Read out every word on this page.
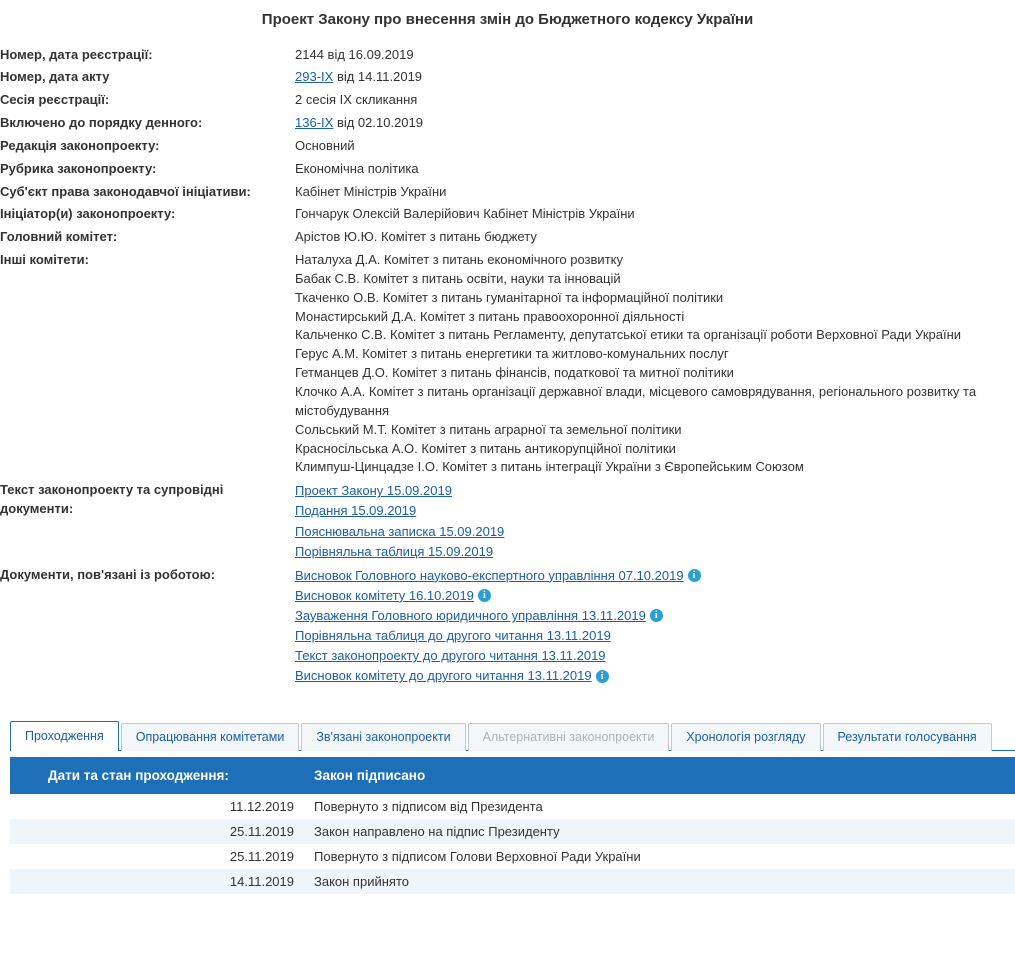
Проект Закону про внесення змін до Бюджетного кодексу України
Номер, дата реєстрації:	2144 від 16.09.2019
Номер, дата акту	293-IX від 14.11.2019
Сесія реєстрації:	2 сесія IX скликання
Включено до порядку денного:	136-IX від 02.10.2019
Редакція законопроекту:	Основний
Рубрика законопроекту:	Економічна політика
Суб'єкт права законодавчої ініціативи:	Кабінет Міністрів України
Ініціатор(и) законопроекту:	Гончарук Олексій Валерійович Кабінет Міністрів України
Головний комітет:	Арістов Ю.Ю. Комітет з питань бюджету
Інші комітети:	Наталуха Д.А. Комітет з питань економічного розвитку
Бабак С.В. Комітет з питань освіти, науки та інновацій
Ткаченко О.В. Комітет з питань гуманітарної та інформаційної політики
Монастирський Д.А. Комітет з питань правоохоронної діяльності
Кальченко С.В. Комітет з питань Регламенту, депутатської етики та організації роботи Верховної Ради України
Герус А.М. Комітет з питань енергетики та житлово-комунальних послуг
Гетманцев Д.О. Комітет з питань фінансів, податкової та митної політики
Клочко А.А. Комітет з питань організації державної влади, місцевого самоврядування, регіонального розвитку та містобудування
Сольський М.Т. Комітет з питань аграрної та земельної політики
Красносільська А.О. Комітет з питань антикорупційної політики
Климпуш-Цинцадзе І.О. Комітет з питань інтеграції України з Європейським Союзом

Текст законопроекту та супровідні документи:	Проект Закону 15.09.2019
Подання 15.09.2019
Пояснювальна записка 15.09.2019
Порівняльна таблиця 15.09.2019

Документи, пов'язані із роботою:	Висновок Головного науково-експертного управління 07.10.2019 i
Висновок комітету 16.10.2019 i
Зауваження Головного юридичного управління 13.11.2019 i
Порівняльна таблиця до другого читання 13.11.2019
Текст законопроекту до другого читання 13.11.2019
Висновок комітету до другого читання 13.11.2019 i
Проходження	Опрацювання комітетами	Зв'язані законопроекти	Альтернативні законопроекти	Хронологія розгляду	Результати голосування
Дати та стан проходження:	Закон підписано
11.12.2019	Повернуто з підписом від Президента
25.11.2019	Закон направлено на підпис Президенту
25.11.2019	Повернуто з підписом Голови Верховної Ради України
14.11.2019	Закон прийнято
